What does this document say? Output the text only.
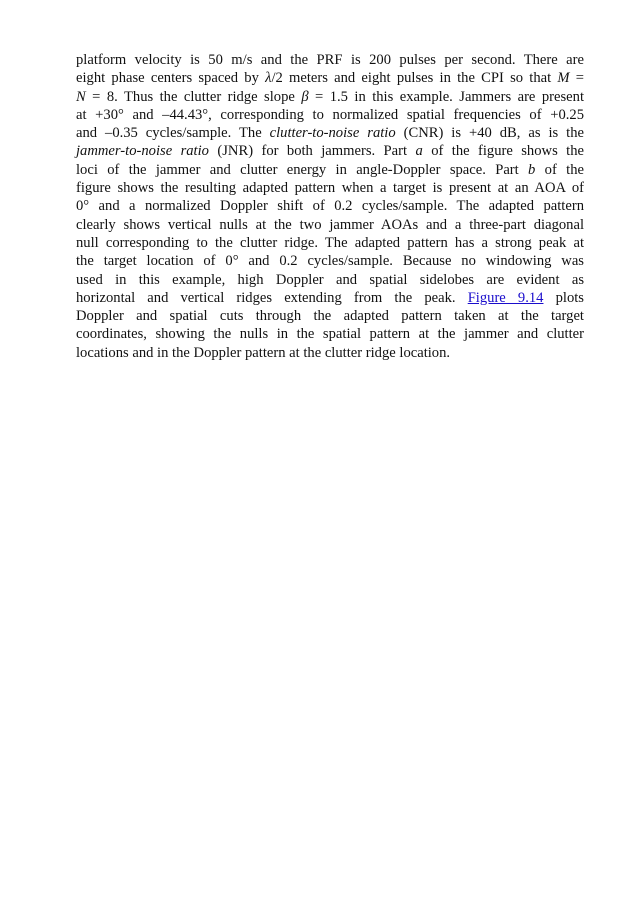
platform velocity is 50 m/s and the PRF is 200 pulses per second. There are
eight phase centers spaced by λ/2 meters and eight pulses in the CPI so that M =
N = 8. Thus the clutter ridge slope β = 1.5 in this example. Jammers are present
at +30° and –44.43°, corresponding to normalized spatial frequencies of +0.25
and –0.35 cycles/sample. The clutter-to-noise ratio (CNR) is +40 dB, as is the
jammer-to-noise ratio (JNR) for both jammers. Part a of the figure shows the
loci of the jammer and clutter energy in angle-Doppler space. Part b of the
figure shows the resulting adapted pattern when a target is present at an AOA of
0° and a normalized Doppler shift of 0.2 cycles/sample. The adapted pattern
clearly shows vertical nulls at the two jammer AOAs and a three-part diagonal
null corresponding to the clutter ridge. The adapted pattern has a strong peak at
the target location of 0° and 0.2 cycles/sample. Because no windowing was
used in this example, high Doppler and spatial sidelobes are evident as
horizontal and vertical ridges extending from the peak. Figure 9.14 plots
Doppler and spatial cuts through the adapted pattern taken at the target
coordinates, showing the nulls in the spatial pattern at the jammer and clutter
locations and in the Doppler pattern at the clutter ridge location.
